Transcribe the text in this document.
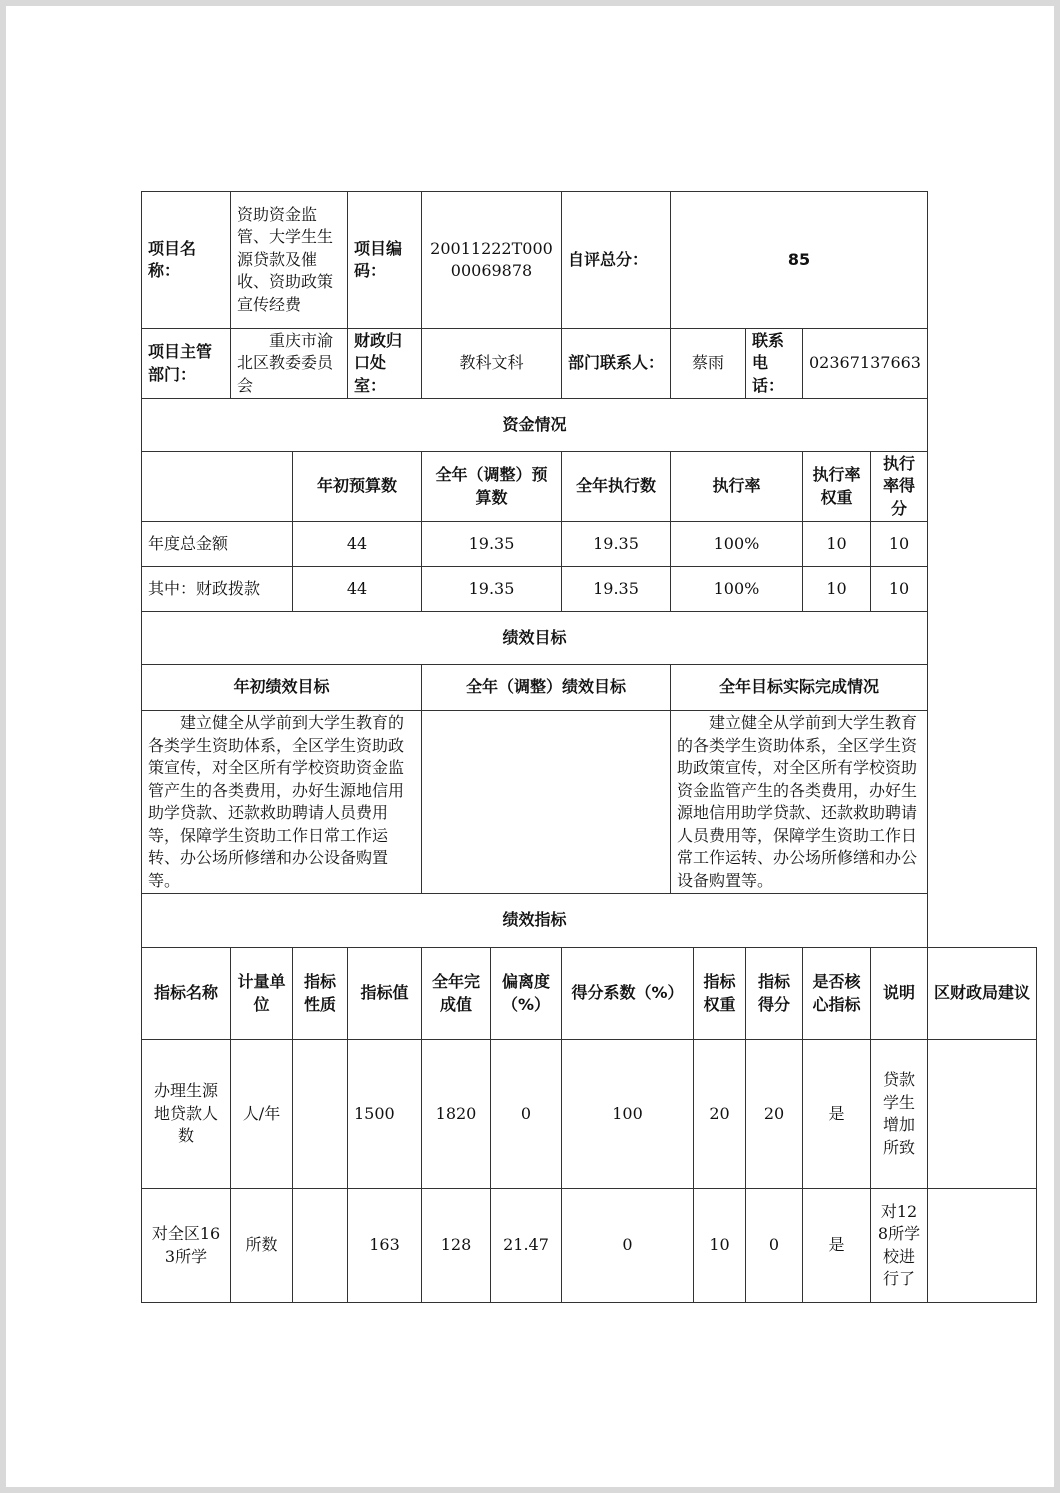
项目名称：	资助资金监管、大学生生源贷款及催收、资助政策宣传经费		项目编码：	20011222T00000069878		自评总分：	85					
项目主管部门：	重庆市渝北区教委委员会		财政归口处室：	教科文科		部门联系人：	蔡雨		联系电话：	02367137663		
资金情况												
		年初预算数		全年（调整）预算数		全年执行数	执行率			执行率权重	执行率得分	
年度总金额		44		19.35		19.35	100%			10	10	
其中：财政拨款		44		19.35		19.35	100%			10	10	
绩效目标												
年初绩效目标				全年（调整）绩效目标			全年目标实际完成情况					
建立健全从学前到大学生教育的各类学生资助体系，全区学生资助政策宣传，对全区所有学校资助资金监管产生的各类费用，办好生源地信用助学贷款、还款救助聘请人员费用等，保障学生资助工作日常工作运转、办公场所修缮和办公设备购置等。							建立健全从学前到大学生教育的各类学生资助体系，全区学生资助政策宣传，对全区所有学校资助资金监管产生的各类费用，办好生源地信用助学贷款、还款救助聘请人员费用等，保障学生资助工作日常工作运转、办公场所修缮和办公设备购置等。					
绩效指标												
指标名称	计量单位	指标性质	指标值	全年完成值	偏离度（%）	得分系数（%）		指标权重	指标得分	是否核心指标	说明	区财政局建议
办理生源地贷款人数	人/年		1500	1820	0	100		20	20	是	贷款学生增加所致	
对全区163所学	所数		163	128	21.47	0		10	0	是	对128所学校进行了	
